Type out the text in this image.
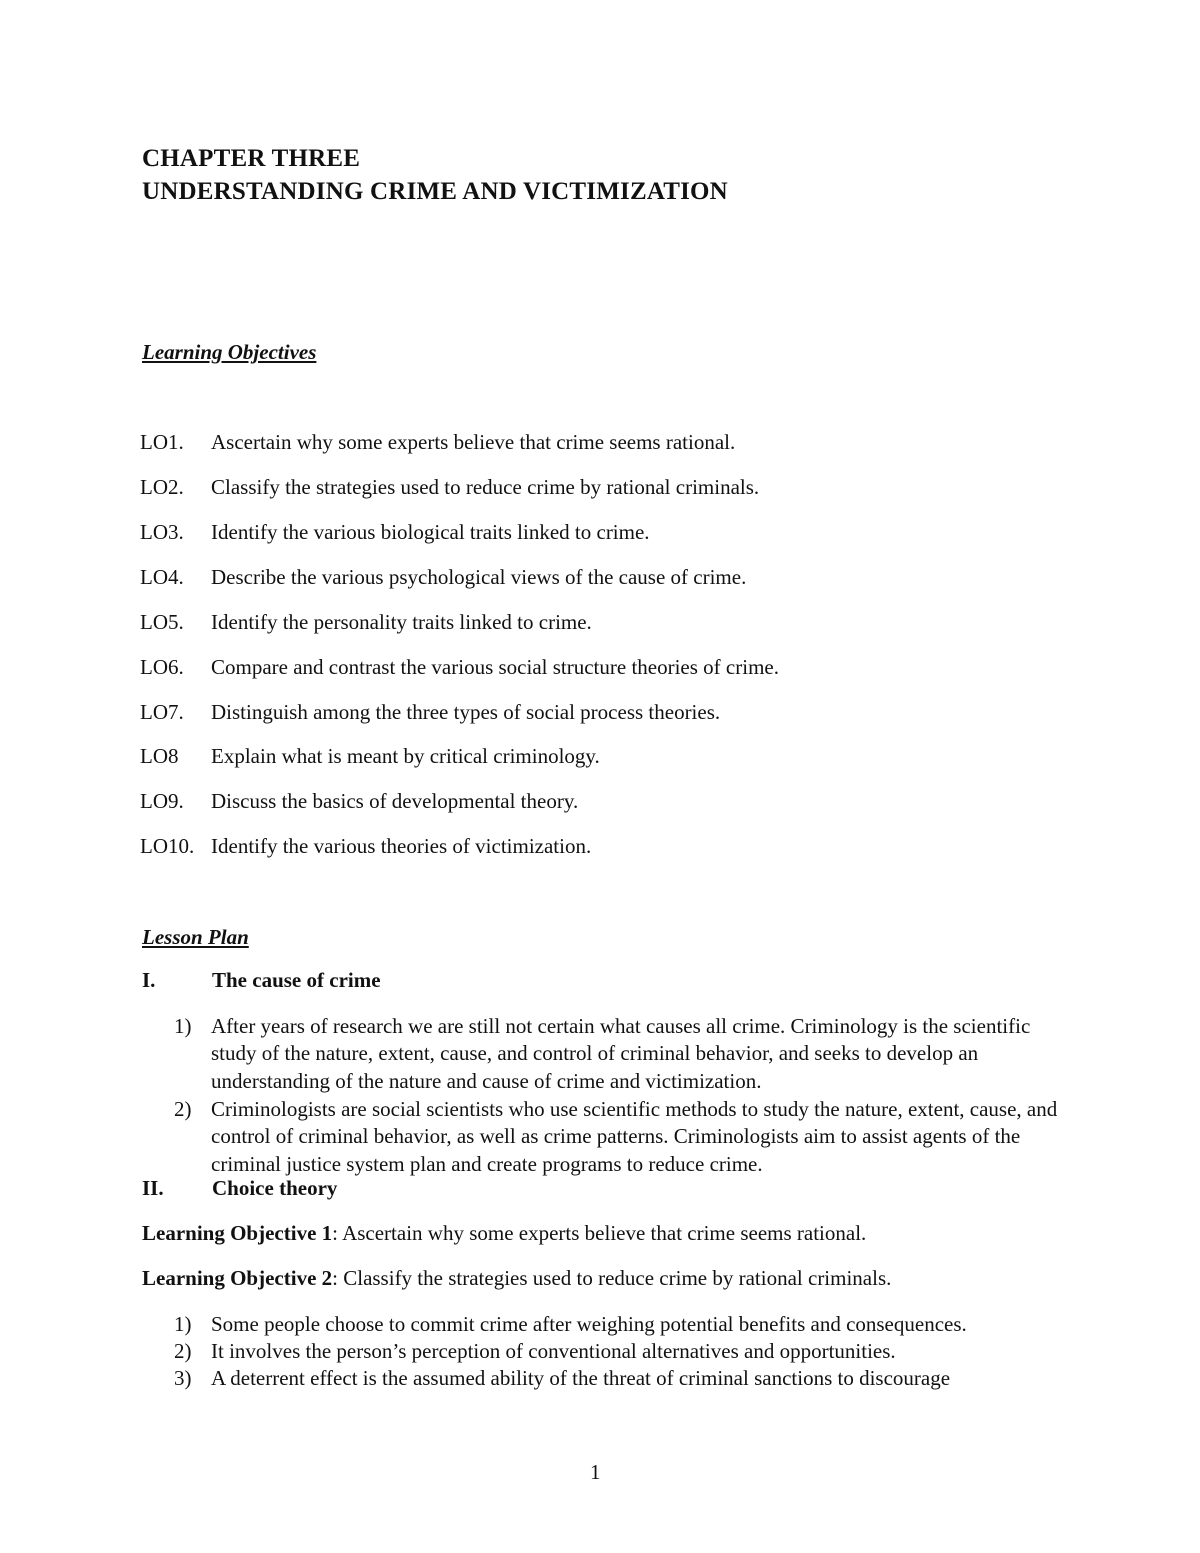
CHAPTER THREE
UNDERSTANDING CRIME AND VICTIMIZATION
Learning Objectives
LO1. Ascertain why some experts believe that crime seems rational.
LO2. Classify the strategies used to reduce crime by rational criminals.
LO3. Identify the various biological traits linked to crime.
LO4. Describe the various psychological views of the cause of crime.
LO5. Identify the personality traits linked to crime.
LO6. Compare and contrast the various social structure theories of crime.
LO7. Distinguish among the three types of social process theories.
LO8 Explain what is meant by critical criminology.
LO9. Discuss the basics of developmental theory.
LO10. Identify the various theories of victimization.
Lesson Plan
I.	The cause of crime
1) After years of research we are still not certain what causes all crime. Criminology is the scientific study of the nature, extent, cause, and control of criminal behavior, and seeks to develop an understanding of the nature and cause of crime and victimization.
2) Criminologists are social scientists who use scientific methods to study the nature, extent, cause, and control of criminal behavior, as well as crime patterns. Criminologists aim to assist agents of the criminal justice system plan and create programs to reduce crime.
II. Choice theory
Learning Objective 1: Ascertain why some experts believe that crime seems rational.
Learning Objective 2: Classify the strategies used to reduce crime by rational criminals.
1) Some people choose to commit crime after weighing potential benefits and consequences.
2) It involves the person’s perception of conventional alternatives and opportunities.
3) A deterrent effect is the assumed ability of the threat of criminal sanctions to discourage
1
